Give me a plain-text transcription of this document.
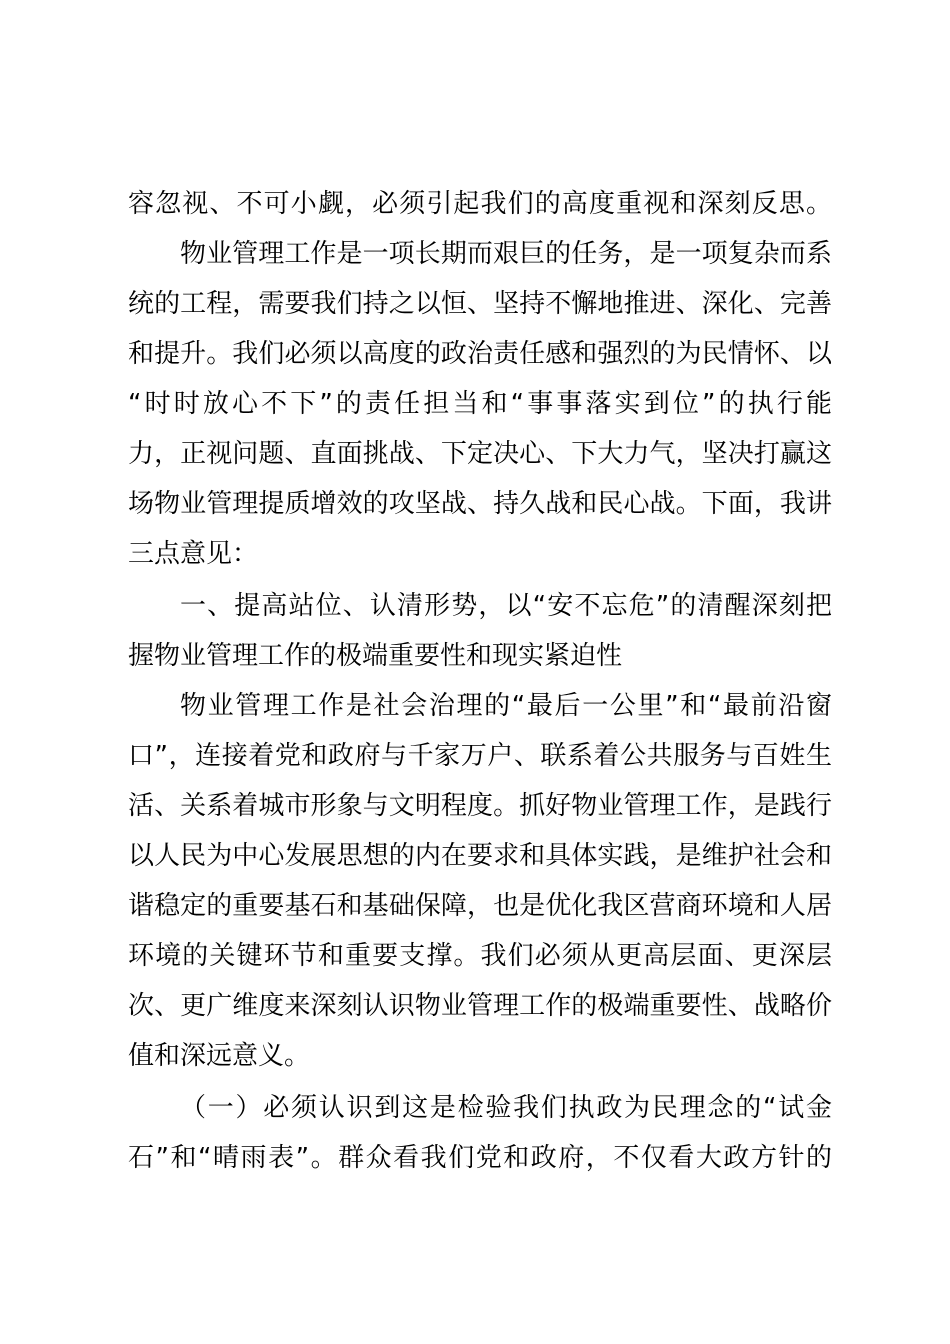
容忽视、不可小觑，必须引起我们的高度重视和深刻反思。
物业管理工作是一项长期而艰巨的任务，是一项复杂而系
统的工程，需要我们持之以恒、坚持不懈地推进、深化、完善
和提升。我们必须以高度的政治责任感和强烈的为民情怀、以
“时时放心不下”的责任担当和“事事落实到位”的执行能
力，正视问题、直面挑战、下定决心、下大力气，坚决打赢这
场物业管理提质增效的攻坚战、持久战和民心战。下面，我讲
三点意见：
一、提高站位、认清形势，以“安不忘危”的清醒深刻把
握物业管理工作的极端重要性和现实紧迫性
物业管理工作是社会治理的“最后一公里”和“最前沿窗
口”，连接着党和政府与千家万户、联系着公共服务与百姓生
活、关系着城市形象与文明程度。抓好物业管理工作，是践行
以人民为中心发展思想的内在要求和具体实践，是维护社会和
谐稳定的重要基石和基础保障，也是优化我区营商环境和人居
环境的关键环节和重要支撑。我们必须从更高层面、更深层
次、更广维度来深刻认识物业管理工作的极端重要性、战略价
值和深远意义。
（一）必须认识到这是检验我们执政为民理念的“试金
石”和“晴雨表”。群众看我们党和政府，不仅看大政方针的
